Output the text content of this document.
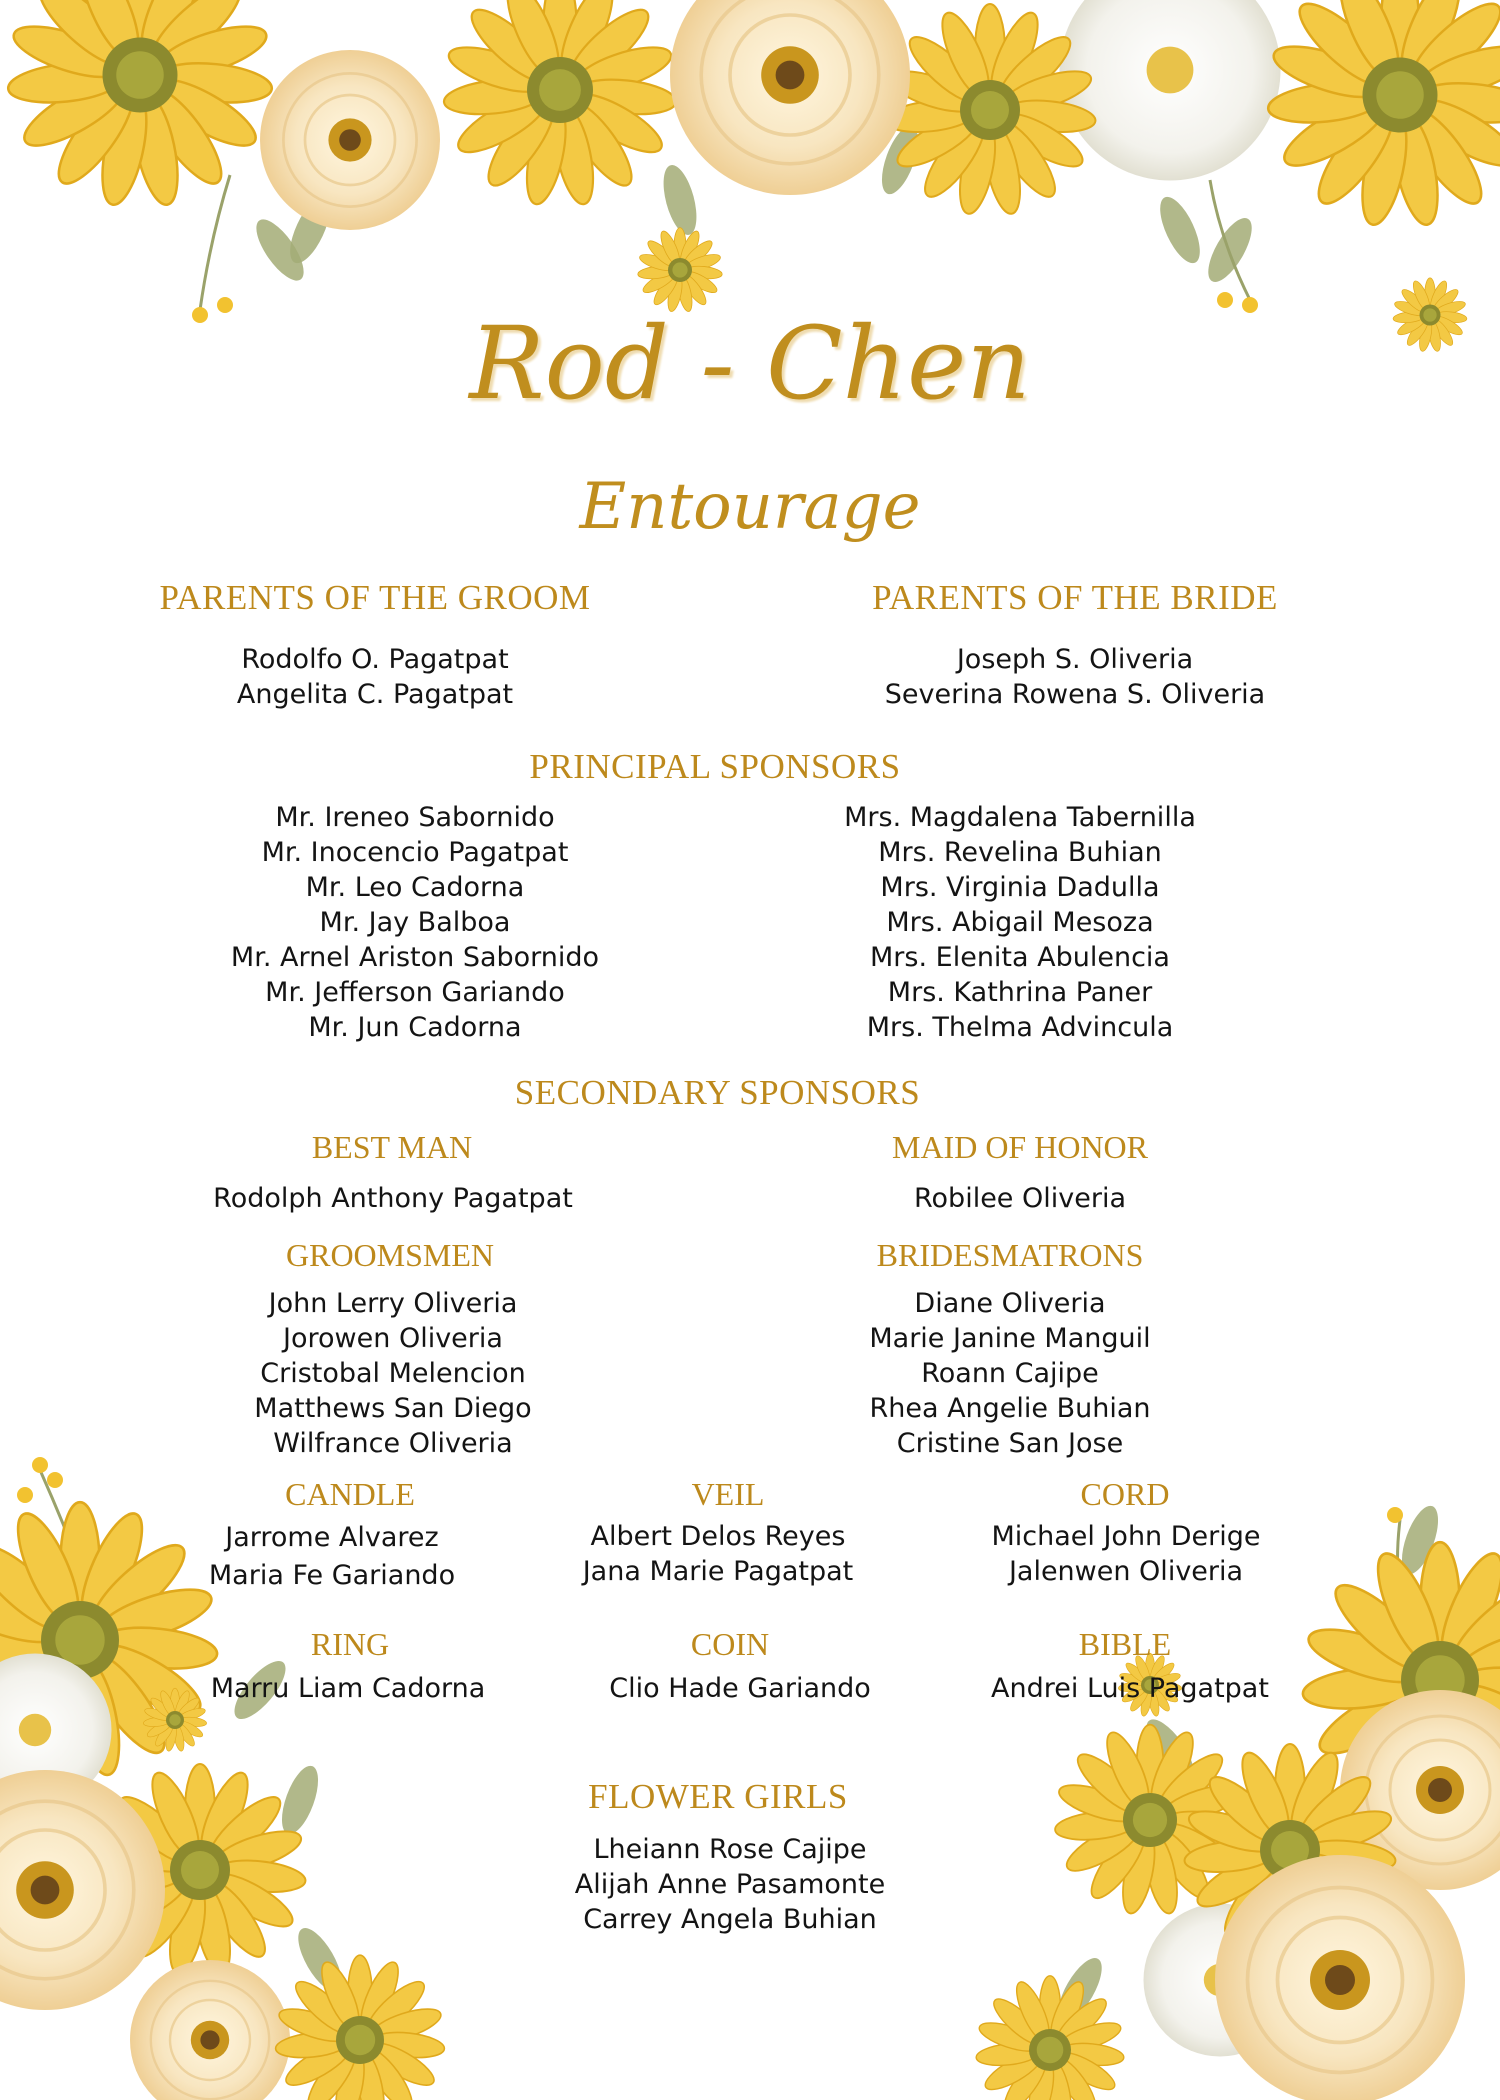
Rod - Chen
Entourage
PARENTS OF THE GROOM
Rodolfo O. Pagatpat
Angelita C. Pagatpat
PARENTS OF THE BRIDE
Joseph S. Oliveria
Severina Rowena S. Oliveria
PRINCIPAL SPONSORS
Mr. Ireneo Sabornido
Mr. Inocencio Pagatpat
Mr. Leo Cadorna
Mr. Jay Balboa
Mr. Arnel Ariston Sabornido
Mr. Jefferson Gariando
Mr. Jun Cadorna
Mrs. Magdalena Tabernilla
Mrs. Revelina Buhian
Mrs. Virginia Dadulla
Mrs. Abigail Mesoza
Mrs. Elenita Abulencia
Mrs. Kathrina Paner
Mrs. Thelma Advincula
SECONDARY SPONSORS
BEST MAN
Rodolph Anthony Pagatpat
MAID OF HONOR
Robilee Oliveria
GROOMSMEN
John Lerry Oliveria
Jorowen Oliveria
Cristobal Melencion
Matthews San Diego
Wilfrance Oliveria
BRIDESMATRONS
Diane Oliveria
Marie Janine Manguil
Roann Cajipe
Rhea Angelie Buhian
Cristine San Jose
CANDLE
Jarrome Alvarez
Maria Fe Gariando
VEIL
Albert Delos Reyes
Jana Marie Pagatpat
CORD
Michael John Derige
Jalenwen Oliveria
RING
Marru Liam Cadorna
COIN
Clio Hade Gariando
BIBLE
Andrei Luis Pagatpat
FLOWER GIRLS
Lheiann Rose Cajipe
Alijah Anne Pasamonte
Carrey Angela Buhian
